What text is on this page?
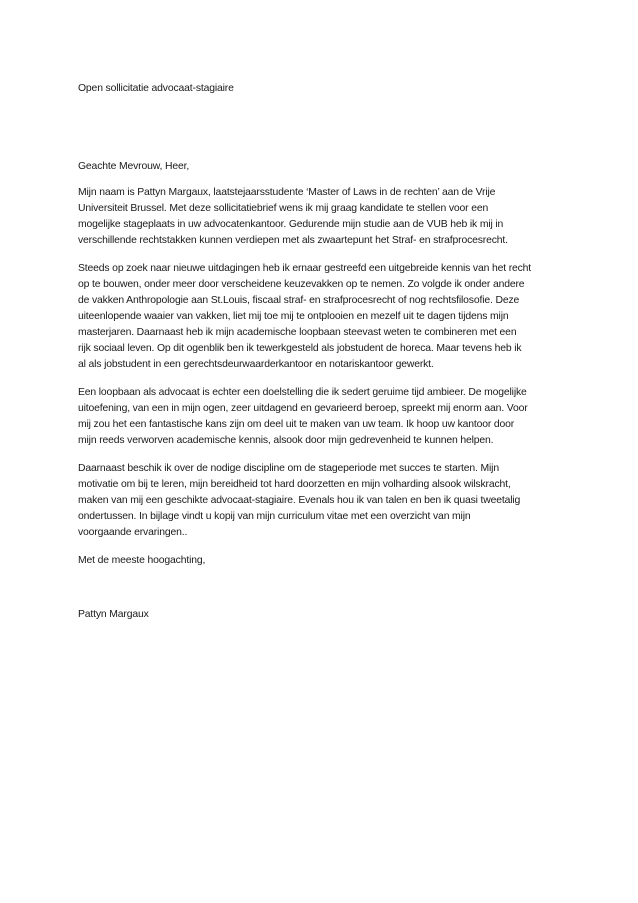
Open sollicitatie advocaat-stagiaire
Geachte Mevrouw, Heer,
Mijn naam is Pattyn Margaux, laatstejaarsstudente ‘Master of Laws in de rechten’ aan de Vrije
Universiteit Brussel. Met deze sollicitatiebrief wens ik mij graag kandidate te stellen voor een
mogelijke stageplaats in uw advocatenkantoor. Gedurende mijn studie aan de VUB heb ik mij in
verschillende rechtstakken kunnen verdiepen met als zwaartepunt het Straf- en strafprocesrecht.
Steeds op zoek naar nieuwe uitdagingen heb ik ernaar gestreefd een uitgebreide kennis van het recht
op te bouwen, onder meer door verscheidene keuzevakken op te nemen. Zo volgde ik onder andere
de vakken Anthropologie aan St.Louis, fiscaal straf- en strafprocesrecht of nog rechtsfilosofie. Deze
uiteenlopende waaier van vakken, liet mij toe mij te ontplooien en mezelf uit te dagen tijdens mijn
masterjaren. Daarnaast heb ik mijn academische loopbaan steevast weten te combineren met een
rijk sociaal leven. Op dit ogenblik ben ik tewerkgesteld als jobstudent de horeca. Maar tevens heb ik
al als jobstudent in een gerechtsdeurwaarderkantoor en notariskantoor gewerkt.
Een loopbaan als advocaat is echter een doelstelling die ik sedert geruime tijd ambieer. De mogelijke
uitoefening, van een in mijn ogen, zeer uitdagend en gevarieerd beroep, spreekt mij enorm aan. Voor
mij zou het een fantastische kans zijn om deel uit te maken van uw team. Ik hoop uw kantoor door
mijn reeds verworven academische kennis, alsook door mijn gedrevenheid te kunnen helpen.
Daarnaast beschik ik over de nodige discipline om de stageperiode met succes te starten. Mijn
motivatie om bij te leren, mijn bereidheid tot hard doorzetten en mijn volharding alsook wilskracht,
maken van mij een geschikte advocaat-stagiaire. Evenals hou ik van talen en ben ik quasi tweetalig
ondertussen. In bijlage vindt u kopij van mijn curriculum vitae met een overzicht van mijn
voorgaande ervaringen..
Met de meeste hoogachting,
Pattyn Margaux
